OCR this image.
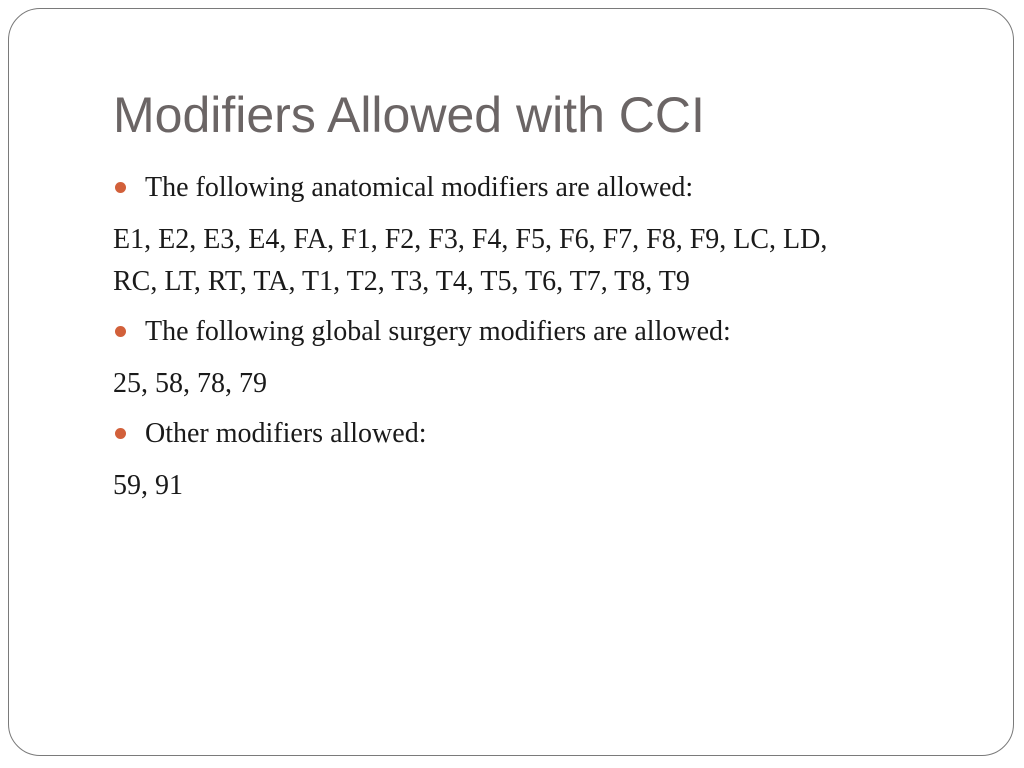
Modifiers Allowed with CCI

The following anatomical modifiers are allowed:

E1, E2, E3, E4, FA, F1, F2, F3, F4, F5, F6, F7, F8, F9, LC, LD,

RC, LT, RT, TA, T1, T2, T3, T4, T5, T6, T7, T8, T9

The following global surgery modifiers are allowed:

25, 58, 78, 79

Other modifiers allowed:

59, 91
